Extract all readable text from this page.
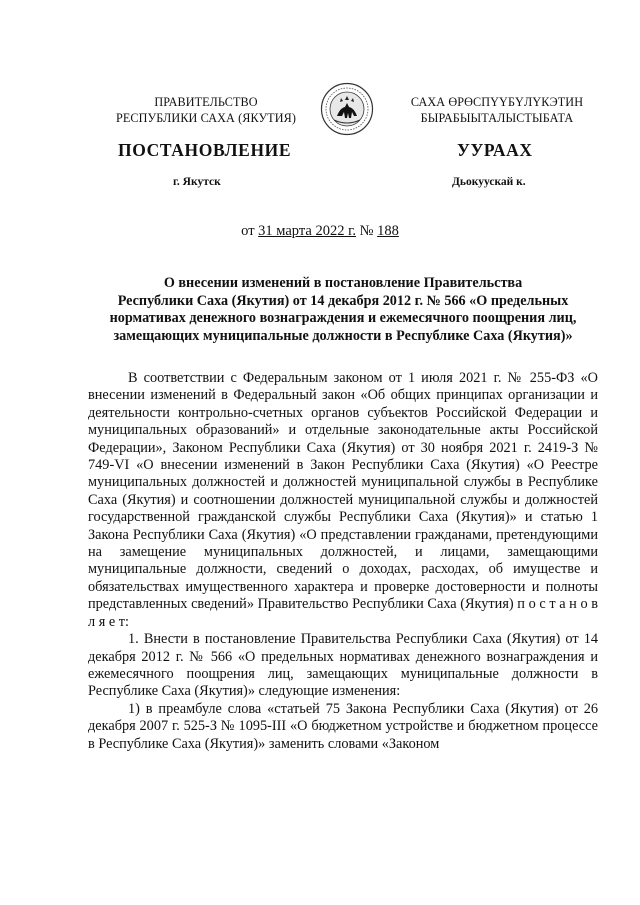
ПРАВИТЕЛЬСТВО
РЕСПУБЛИКИ САХА (ЯКУТИЯ)
САХА ӨРӨСПҮҮБҮЛҮКЭТИН
БЫРАБЫЫТАЛЫСТЫБАТА
ПОСТАНОВЛЕНИЕ	УУРААХ
г. Якутск	Дьокуускай к.
от 31 марта 2022 г. № 188
О внесении изменений в постановление Правительства
Республики Саха (Якутия) от 14 декабря 2012 г. № 566 «О предельных
нормативах денежного вознаграждения и ежемесячного поощрения лиц,
замещающих муниципальные должности в Республике Саха (Якутия)»

В соответствии с Федеральным законом от 1 июля 2021 г. № 255-ФЗ «О внесении изменений в Федеральный закон «Об общих принципах организации и деятельности контрольно-счетных органов субъектов Российской Федерации и муниципальных образований» и отдельные законодательные акты Российской Федерации», Законом Республики Саха (Якутия) от 30 ноября 2021 г. 2419-З № 749-VI «О внесении изменений в Закон Республики Саха (Якутия) «О Реестре муниципальных должностей и должностей муниципальной службы в Республике Саха (Якутия) и соотношении должностей муниципальной службы и должностей государственной гражданской службы Республики Саха (Якутия)» и статью 1 Закона Республики Саха (Якутия) «О представлении гражданами, претендующими на замещение муниципальных должностей, и лицами, замещающими муниципальные должности, сведений о доходах, расходах, об имуществе и обязательствах имущественного характера и проверке достоверности и полноты представленных сведений» Правительство Республики Саха (Якутия) п о с т а н о в л я е т:

1. Внести в постановление Правительства Республики Саха (Якутия) от 14 декабря 2012 г. № 566 «О предельных нормативах денежного вознаграждения и ежемесячного поощрения лиц, замещающих муниципальные должности в Республике Саха (Якутия)» следующие изменения:

1) в преамбуле слова «статьей 75 Закона Республики Саха (Якутия) от 26 декабря 2007 г. 525-З № 1095-III «О бюджетном устройстве и бюджетном процессе в Республике Саха (Якутия)» заменить словами «Законом
